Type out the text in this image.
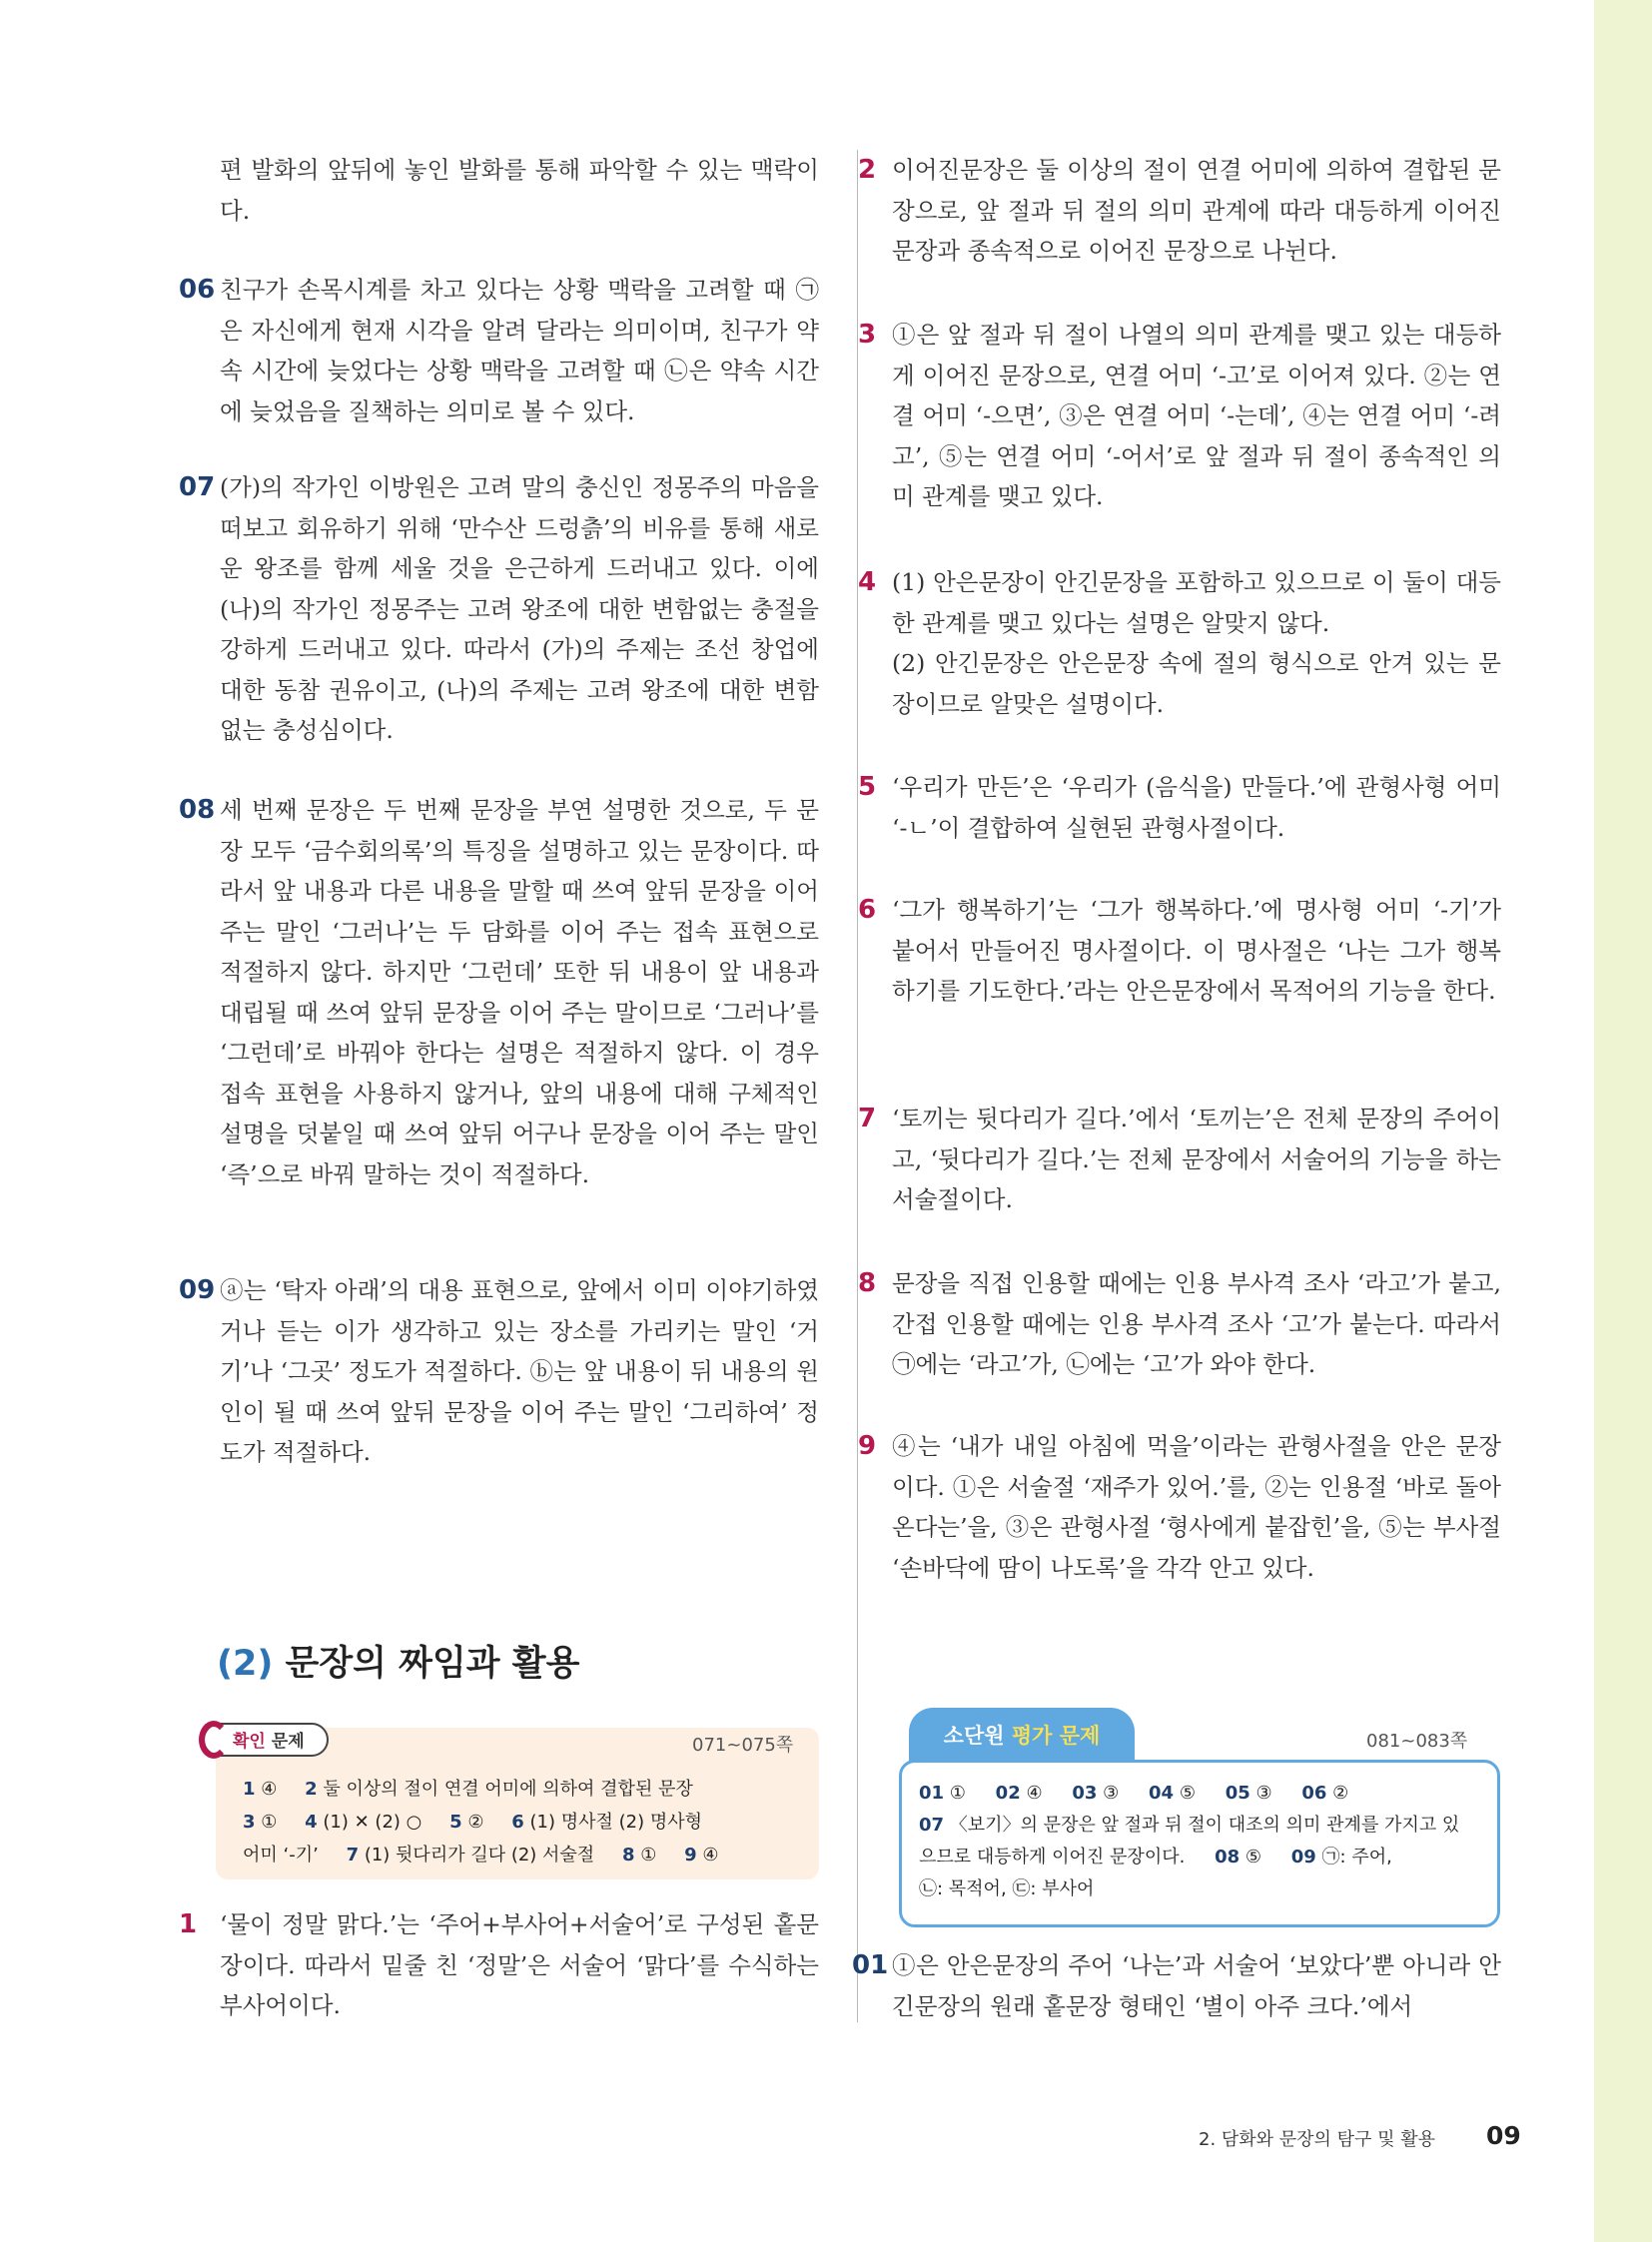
편 발화의 앞뒤에 놓인 발화를 통해 파악할 수 있는 맥락이다.
06 친구가 손목시계를 차고 있다는 상황 맥락을 고려할 때 ㉠은 자신에게 현재 시각을 알려 달라는 의미이며, 친구가 약속 시간에 늦었다는 상황 맥락을 고려할 때 ㉡은 약속 시간에 늦었음을 질책하는 의미로 볼 수 있다.
07 (가)의 작가인 이방원은 고려 말의 충신인 정몽주의 마음을 떠보고 회유하기 위해 ‘만수산 드렁츩’의 비유를 통해 새로운 왕조를 함께 세울 것을 은근하게 드러내고 있다. 이에 (나)의 작가인 정몽주는 고려 왕조에 대한 변함없는 충절을 강하게 드러내고 있다. 따라서 (가)의 주제는 조선 창업에 대한 동참 권유이고, (나)의 주제는 고려 왕조에 대한 변함없는 충성심이다.
08 세 번째 문장은 두 번째 문장을 부연 설명한 것으로, 두 문장 모두 ‘금수회의록’의 특징을 설명하고 있는 문장이다. 따라서 앞 내용과 다른 내용을 말할 때 쓰여 앞뒤 문장을 이어 주는 말인 ‘그러나’는 두 담화를 이어 주는 접속 표현으로 적절하지 않다. 하지만 ‘그런데’ 또한 뒤 내용이 앞 내용과 대립될 때 쓰여 앞뒤 문장을 이어 주는 말이므로 ‘그러나’를 ‘그런데’로 바꿔야 한다는 설명은 적절하지 않다. 이 경우 접속 표현을 사용하지 않거나, 앞의 내용에 대해 구체적인 설명을 덧붙일 때 쓰여 앞뒤 어구나 문장을 이어 주는 말인 ‘즉’으로 바꿔 말하는 것이 적절하다.
09 ⓐ는 ‘탁자 아래’의 대용 표현으로, 앞에서 이미 이야기하였거나 듣는 이가 생각하고 있는 장소를 가리키는 말인 ‘거기’나 ‘그곳’ 정도가 적절하다. ⓑ는 앞 내용이 뒤 내용의 원인이 될 때 쓰여 앞뒤 문장을 이어 주는 말인 ‘그리하여’ 정도가 적절하다.
2 이어진문장은 둘 이상의 절이 연결 어미에 의하여 결합된 문장으로, 앞 절과 뒤 절의 의미 관계에 따라 대등하게 이어진 문장과 종속적으로 이어진 문장으로 나뉜다.
3 ①은 앞 절과 뒤 절이 나열의 의미 관계를 맺고 있는 대등하게 이어진 문장으로, 연결 어미 ‘-고’로 이어져 있다. ②는 연결 어미 ‘-으면’, ③은 연결 어미 ‘-는데’, ④는 연결 어미 ‘-려고’, ⑤는 연결 어미 ‘-어서’로 앞 절과 뒤 절이 종속적인 의미 관계를 맺고 있다.
4 (1) 안은문장이 안긴문장을 포함하고 있으므로 이 둘이 대등한 관계를 맺고 있다는 설명은 알맞지 않다.
(2) 안긴문장은 안은문장 속에 절의 형식으로 안겨 있는 문장이므로 알맞은 설명이다.
5 ‘우리가 만든’은 ‘우리가 (음식을) 만들다.’에 관형사형 어미 ‘-ㄴ’이 결합하여 실현된 관형사절이다.
6 ‘그가 행복하기’는 ‘그가 행복하다.’에 명사형 어미 ‘-기’가 붙어서 만들어진 명사절이다. 이 명사절은 ‘나는 그가 행복하기를 기도한다.’라는 안은문장에서 목적어의 기능을 한다.
7 ‘토끼는 뒷다리가 길다.’에서 ‘토끼는’은 전체 문장의 주어이고, ‘뒷다리가 길다.’는 전체 문장에서 서술어의 기능을 하는 서술절이다.
8 문장을 직접 인용할 때에는 인용 부사격 조사 ‘라고’가 붙고, 간접 인용할 때에는 인용 부사격 조사 ‘고’가 붙는다. 따라서 ㉠에는 ‘라고’가, ㉡에는 ‘고’가 와야 한다.
9 ④는 ‘내가 내일 아침에 먹을’이라는 관형사절을 안은 문장이다. ①은 서술절 ‘재주가 있어.’를, ②는 인용절 ‘바로 돌아온다는’을, ③은 관형사절 ‘형사에게 붙잡힌’을, ⑤는 부사절 ‘손바닥에 땀이 나도록’을 각각 안고 있다.
(2) 문장의 짜임과 활용
확인 문제	071~075쪽
1 ④ 2 둘 이상의 절이 연결 어미에 의하여 결합된 문장
3 ① 4 (1) ✕ (2) ○ 5 ② 6 (1) 명사절 (2) 명사형
어미 ‘-기’ 7 (1) 뒷다리가 길다 (2) 서술절 8 ① 9 ④
1 ‘물이 정말 맑다.’는 ‘주어+부사어+서술어’로 구성된 홑문장이다. 따라서 밑줄 친 ‘정말’은 서술어 ‘맑다’를 수식하는 부사어이다.
소단원 평가 문제	081~083쪽
01 ① 02 ④ 03 ③ 04 ⑤ 05 ③ 06 ②
07 〈보기〉의 문장은 앞 절과 뒤 절이 대조의 의미 관계를 가지고 있
으므로 대등하게 이어진 문장이다. 08 ⑤ 09 ㉠: 주어,
㉡: 목적어, ㉢: 부사어
01 ①은 안은문장의 주어 ‘나는’과 서술어 ‘보았다’뿐 아니라 안긴문장의 원래 홑문장 형태인 ‘별이 아주 크다.’에서
2. 담화와 문장의 탐구 및 활용 09
